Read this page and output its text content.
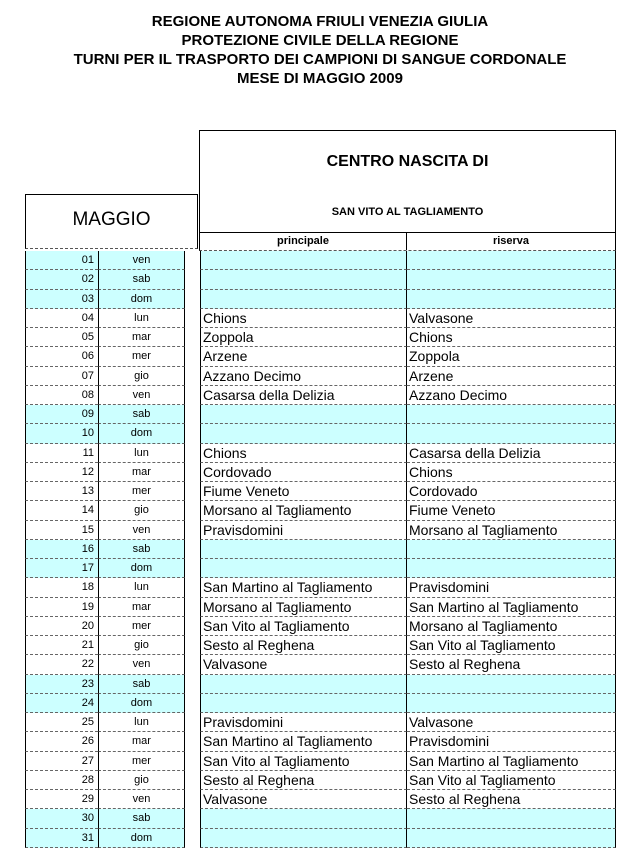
REGIONE AUTONOMA FRIULI VENEZIA GIULIA
PROTEZIONE CIVILE DELLA REGIONE
TURNI PER IL TRASPORTO DEI CAMPIONI DI SANGUE CORDONALE
MESE DI MAGGIO 2009
CENTRO NASCITA DI
SAN VITO AL TAGLIAMENTO
MAGGIO
principale	riserva
01	ven
02	sab
03	dom
04	lun	Chions	Valvasone
05	mar	Zoppola	Chions
06	mer	Arzene	Zoppola
07	gio	Azzano Decimo	Arzene
08	ven	Casarsa della Delizia	Azzano Decimo
09	sab
10	dom
11	lun	Chions	Casarsa della Delizia
12	mar	Cordovado	Chions
13	mer	Fiume Veneto	Cordovado
14	gio	Morsano al Tagliamento	Fiume Veneto
15	ven	Pravisdomini	Morsano al Tagliamento
16	sab
17	dom
18	lun	San Martino al Tagliamento	Pravisdomini
19	mar	Morsano al Tagliamento	San Martino al Tagliamento
20	mer	San Vito al Tagliamento	Morsano al Tagliamento
21	gio	Sesto al Reghena	San Vito al Tagliamento
22	ven	Valvasone	Sesto al Reghena
23	sab
24	dom
25	lun	Pravisdomini	Valvasone
26	mar	San Martino al Tagliamento	Pravisdomini
27	mer	San Vito al Tagliamento	San Martino al Tagliamento
28	gio	Sesto al Reghena	San Vito al Tagliamento
29	ven	Valvasone	Sesto al Reghena
30	sab
31	dom
